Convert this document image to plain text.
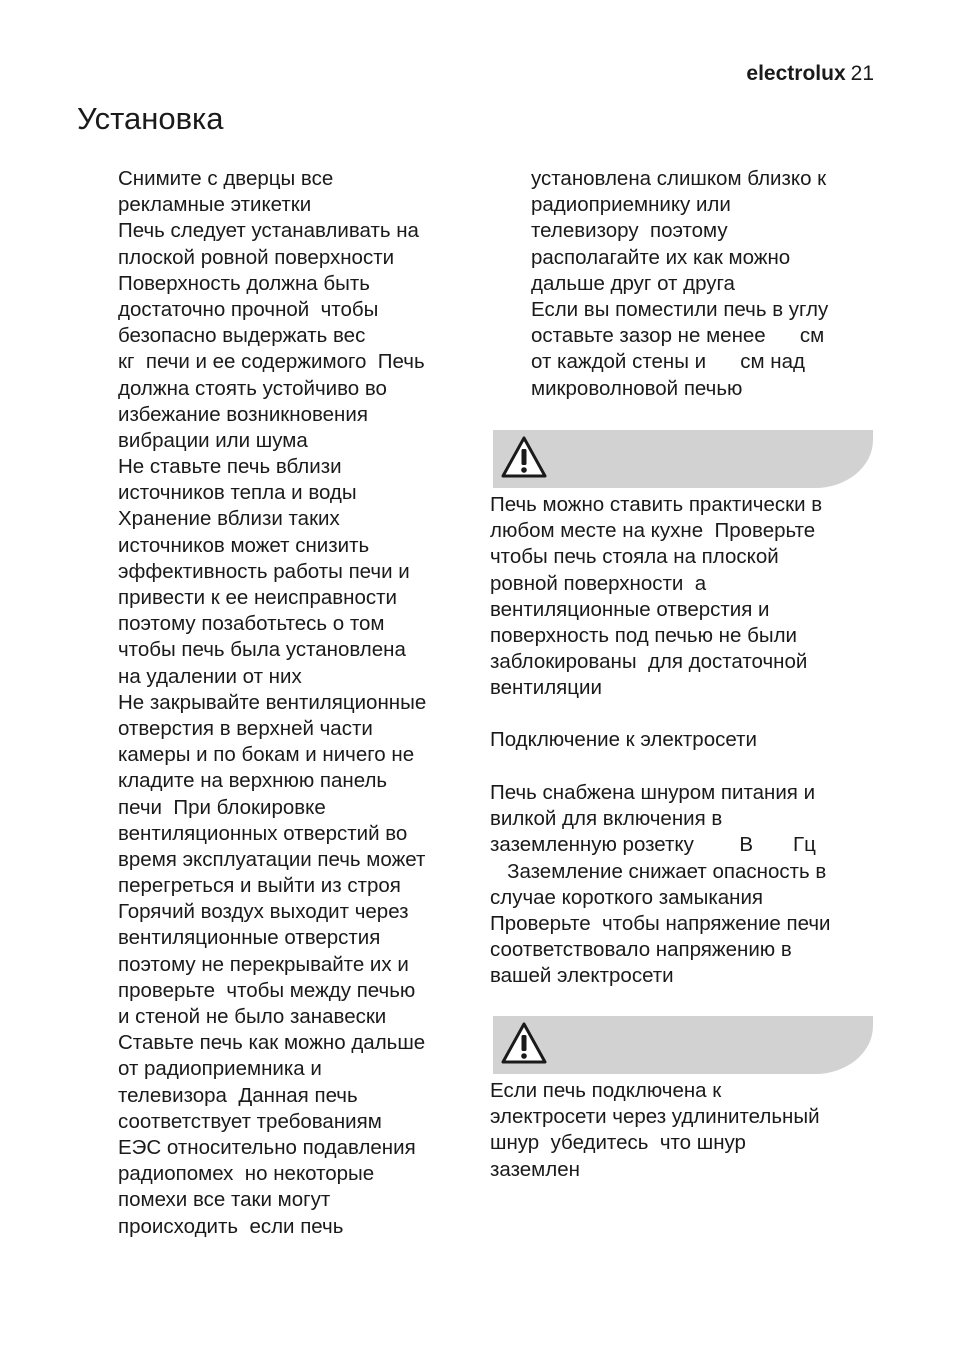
electrolux 21
Установка
Снимите с дверцы все
рекламные этикетки
Печь следует устанавливать на
плоской ровной поверхности
Поверхность должна быть
достаточно прочной  чтобы
безопасно выдержать вес
кг  печи и ее содержимого  Печь
должна стоять устойчиво во
избежание возникновения
вибрации или шума
Не ставьте печь вблизи
источников тепла и воды
Хранение вблизи таких
источников может снизить
эффективность работы печи и
привести к ее неисправности
поэтому позаботьтесь о том
чтобы печь была установлена
на удалении от них
Не закрывайте вентиляционные
отверстия в верхней части
камеры и по бокам и ничего не
кладите на верхнюю панель
печи  При блокировке
вентиляционных отверстий во
время эксплуатации печь может
перегреться и выйти из строя
Горячий воздух выходит через
вентиляционные отверстия
поэтому не перекрывайте их и
проверьте  чтобы между печью
и стеной не было занавески
Ставьте печь как можно дальше
от радиоприемника и
телевизора  Данная печь
соответствует требованиям
ЕЭС относительно подавления
радиопомех  но некоторые
помехи все таки могут
происходить  если печь
установлена слишком близко к
радиоприемнику или
телевизору  поэтому
располагайте их как можно
дальше друг от друга
Если вы поместили печь в углу
оставьте зазор не менее      см
от каждой стены и      см над
микроволновой печью
Печь можно ставить практически в
любом месте на кухне  Проверьте
чтобы печь стояла на плоской
ровной поверхности  а
вентиляционные отверстия и
поверхность под печью не были
заблокированы  для достаточной
вентиляции
Подключение к электросети
Печь снабжена шнуром питания и
вилкой для включения в
заземленную розетку        В       Гц
Заземление снижает опасность в
случае короткого замыкания
Проверьте  чтобы напряжение печи
соответствовало напряжению в
вашей электросети
Если печь подключена к
электросети через удлинительный
шнур  убедитесь  что шнур
заземлен
